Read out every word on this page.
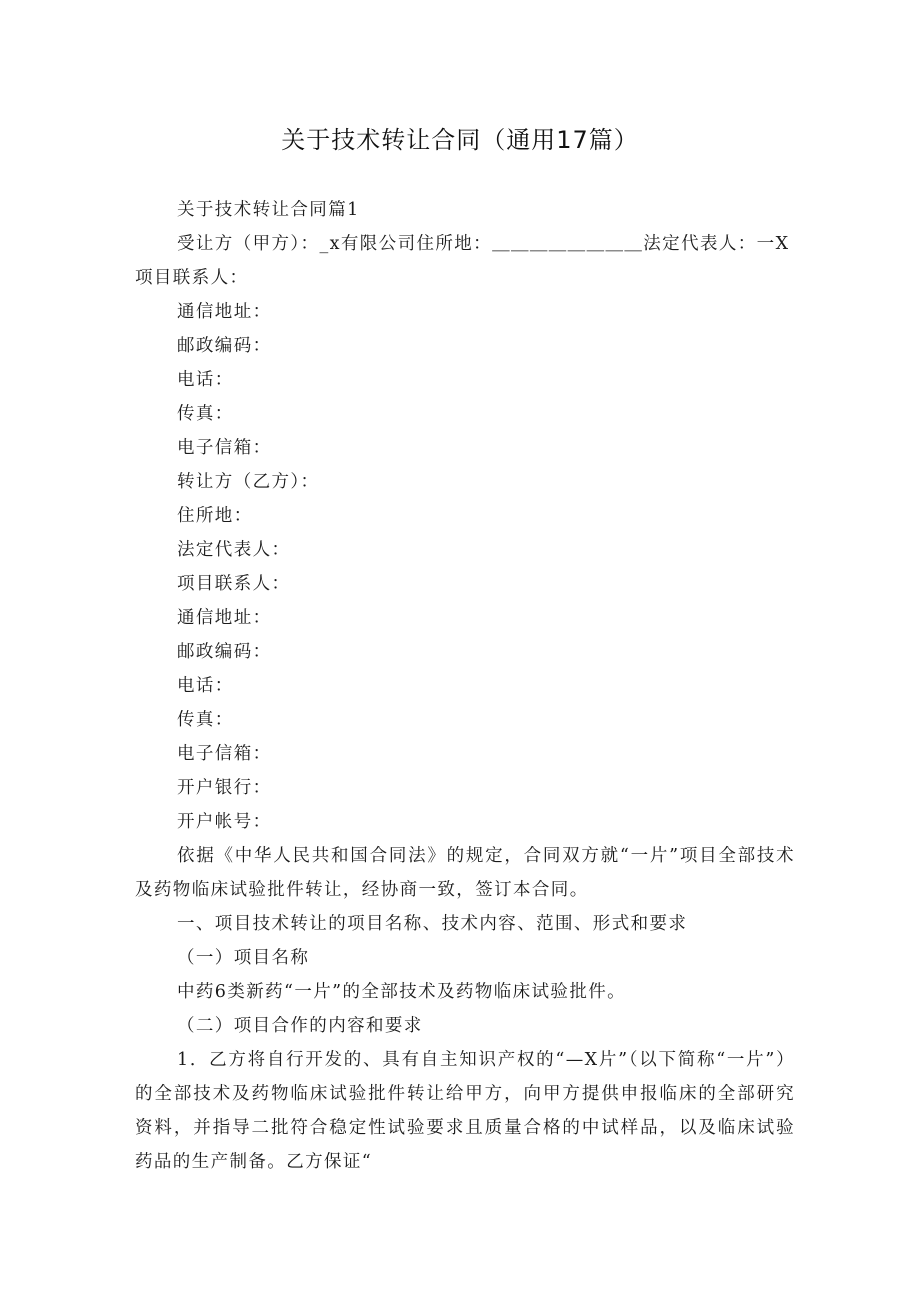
关于技术转让合同（通用17篇）

关于技术转让合同篇1

受让方（甲方）：_x有限公司住所地：＿＿＿＿＿＿＿＿法定代表人：一X项目联系人：

通信地址：

邮政编码：

电话：

传真：

电子信箱：

转让方（乙方）：

住所地：

法定代表人：

项目联系人：

通信地址：

邮政编码：

电话：

传真：

电子信箱：

开户银行：

开户帐号：

依据《中华人民共和国合同法》的规定，合同双方就“一片”项目全部技术及药物临床试验批件转让，经协商一致，签订本合同。

一、项目技术转让的项目名称、技术内容、范围、形式和要求

（一）项目名称

中药6类新药“一片”的全部技术及药物临床试验批件。

（二）项目合作的内容和要求

1．乙方将自行开发的、具有自主知识产权的“—X片”（以下简称“一片”）的全部技术及药物临床试验批件转让给甲方，向甲方提供申报临床的全部研究资料，并指导二批符合稳定性试验要求且质量合格的中试样品，以及临床试验药品的生产制备。乙方保证“
